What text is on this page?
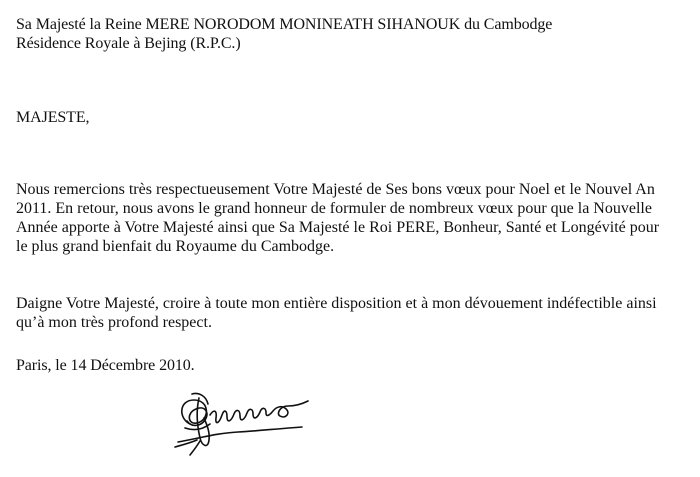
Sa Majesté la Reine MERE NORODOM MONINEATH SIHANOUK du Cambodge
Résidence Royale à Bejing (R.P.C.)
MAJESTE,
Nous remercions très respectueusement Votre Majesté de Ses bons vœux pour Noel et le Nouvel An
2011. En retour, nous avons le grand honneur de formuler de nombreux vœux pour que la Nouvelle
Année apporte à Votre Majesté ainsi que Sa Majesté le Roi PERE, Bonheur, Santé et Longévité pour
le plus grand bienfait du Royaume du Cambodge.
Daigne Votre Majesté, croire à toute mon entière disposition et à mon dévouement indéfectible ainsi
qu’à mon très profond respect.
Paris, le 14 Décembre 2010.
